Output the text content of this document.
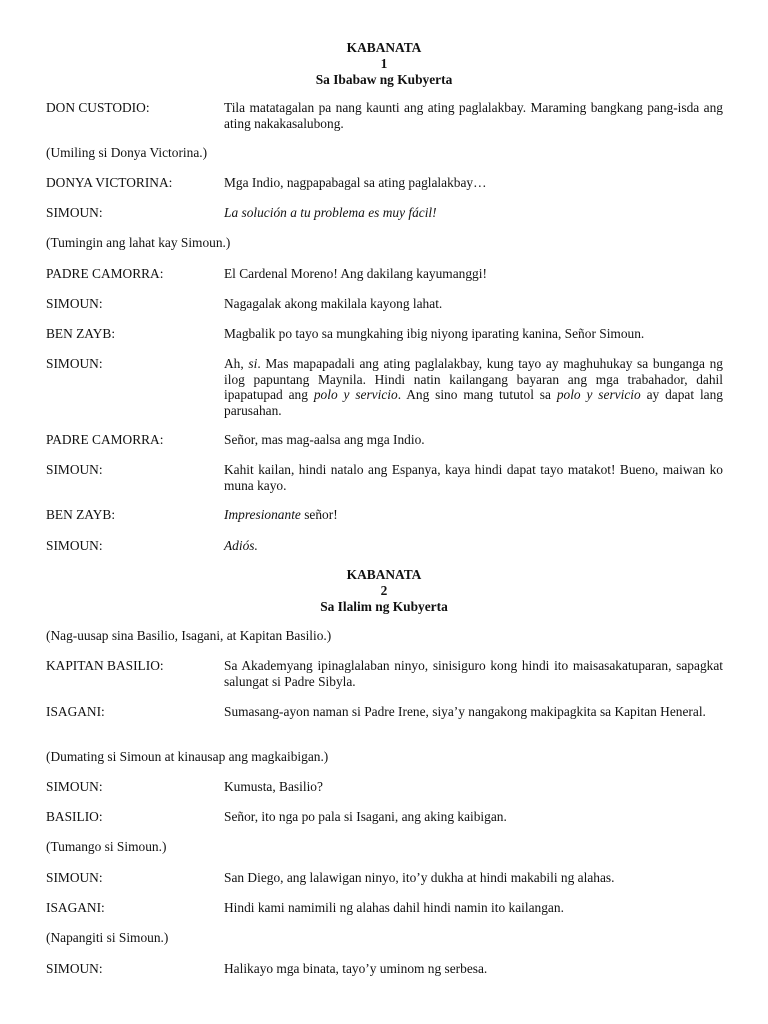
KABANATA
1
Sa Ibabaw ng Kubyerta
DON CUSTODIO:	Tila matatagalan pa nang kaunti ang ating paglalakbay. Maraming bangkang pang-isda ang ating nakakasalubong.
(Umiling si Donya Victorina.)
DONYA VICTORINA:	Mga Indio, nagpapabagal sa ating paglalakbay…
SIMOUN:	La solución a tu problema es muy fácil!
(Tumingin ang lahat kay Simoun.)
PADRE CAMORRA:	El Cardenal Moreno! Ang dakilang kayumanggi!
SIMOUN:	Nagagalak akong makilala kayong lahat.
BEN ZAYB:	Magbalik po tayo sa mungkahing ibig niyong iparating kanina, Señor Simoun.
SIMOUN:	Ah, si. Mas mapapadali ang ating paglalakbay, kung tayo ay maghuhukay sa bunganga ng ilog papuntang Maynila. Hindi natin kailangang bayaran ang mga trabahador, dahil ipapatupad ang polo y servicio. Ang sino mang tututol sa polo y servicio ay dapat lang parusahan.
PADRE CAMORRA:	Señor, mas mag-aalsa ang mga Indio.
SIMOUN:	Kahit kailan, hindi natalo ang Espanya, kaya hindi dapat tayo matakot! Bueno, maiwan ko muna kayo.
BEN ZAYB:	Impresionante señor!
SIMOUN:	Adiós.
KABANATA
2
Sa Ilalim ng Kubyerta
(Nag-uusap sina Basilio, Isagani, at Kapitan Basilio.)
KAPITAN BASILIO:	Sa Akademyang ipinaglalaban ninyo, sinisiguro kong hindi ito maisasakatuparan, sapagkat salungat si Padre Sibyla.
ISAGANI:	Sumasang-ayon naman si Padre Irene, siya’y nangakong makipagkita sa Kapitan Heneral.
(Dumating si Simoun at kinausap ang magkaibigan.)
SIMOUN:	Kumusta, Basilio?
BASILIO:	Señor, ito nga po pala si Isagani, ang aking kaibigan.
(Tumango si Simoun.)
SIMOUN:	San Diego, ang lalawigan ninyo, ito’y dukha at hindi makabili ng alahas.
ISAGANI:	Hindi kami namimili ng alahas dahil hindi namin ito kailangan.
(Napangiti si Simoun.)
SIMOUN:	Halikayo mga binata, tayo’y uminom ng serbesa.
